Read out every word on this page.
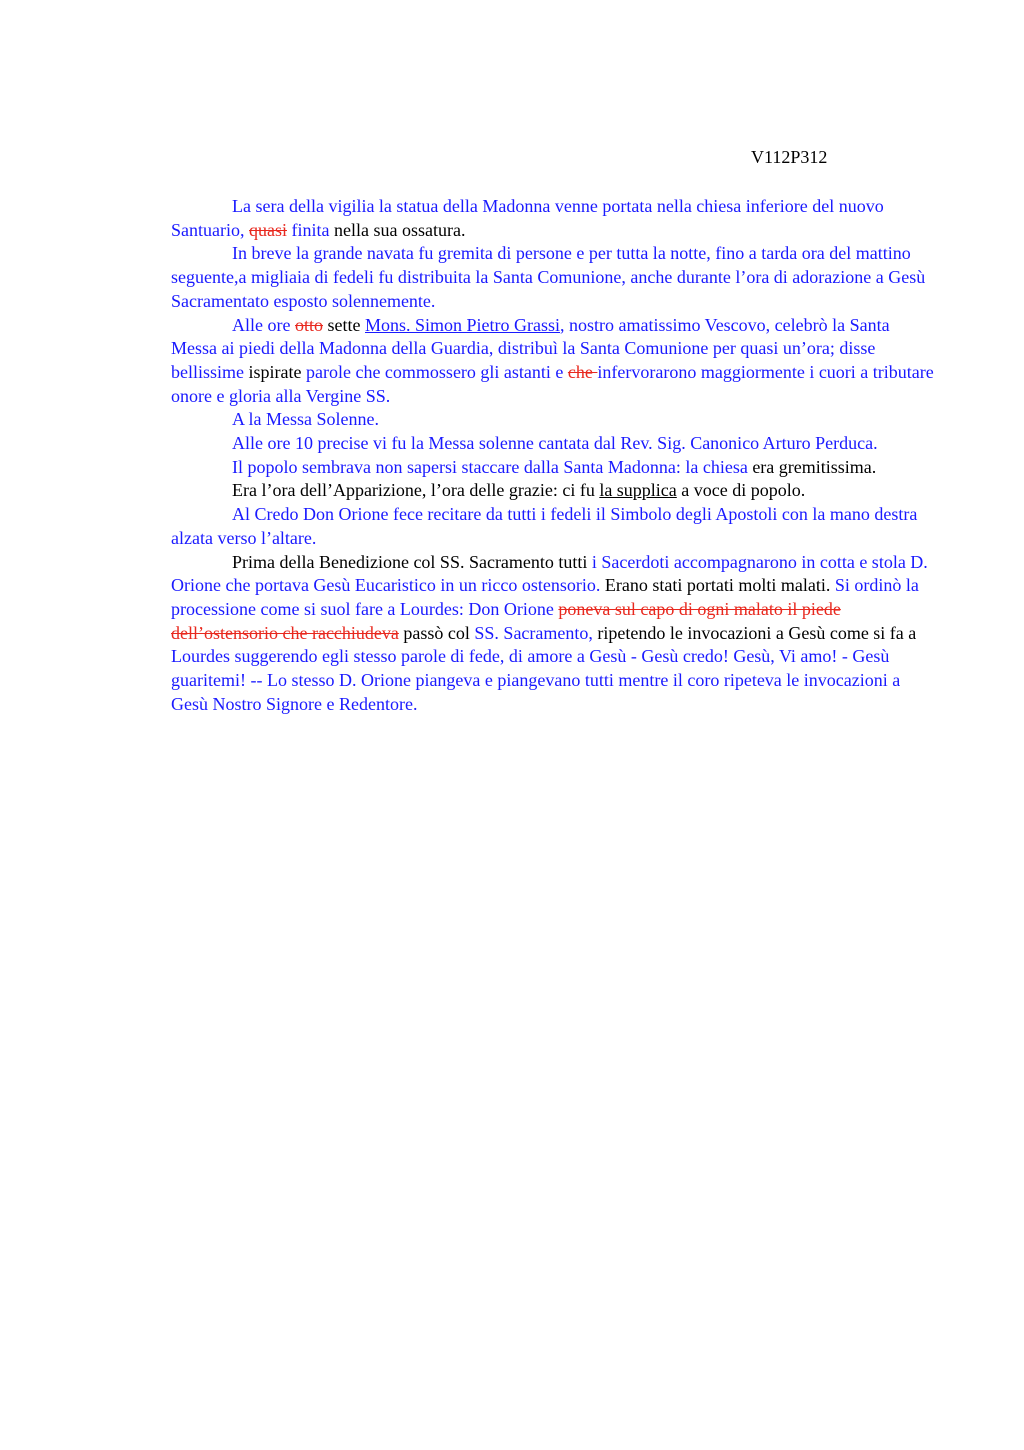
V112P312

La sera della vigilia la statua della Madonna venne portata nella chiesa inferiore del nuovo Santuario, quasi finita nella sua ossatura.

In breve la grande navata fu gremita di persone e per tutta la notte, fino a tarda ora del mattino seguente,a migliaia di fedeli fu distribuita la Santa Comunione, anche durante l’ora di adorazione a Gesù Sacramentato esposto solennemente.

Alle ore otto sette Mons. Simon Pietro Grassi, nostro amatissimo Vescovo, celebrò la Santa Messa ai piedi della Madonna della Guardia, distribuì la Santa Comunione per quasi un’ora; disse bellissime ispirate parole che commossero gli astanti e che infervorarono maggiormente i cuori a tributare onore e gloria alla Vergine SS.

A la Messa Solenne.

Alle ore 10 precise vi fu la Messa solenne cantata dal Rev. Sig. Canonico Arturo Perduca.

Il popolo sembrava non sapersi staccare dalla Santa Madonna: la chiesa era gremitissima.

Era l’ora dell’Apparizione, l’ora delle grazie: ci fu la supplica a voce di popolo.

Al Credo Don Orione fece recitare da tutti i fedeli il Simbolo degli Apostoli con la mano destra alzata verso l’altare.

Prima della Benedizione col SS. Sacramento tutti i Sacerdoti accompagnarono in cotta e stola D. Orione che portava Gesù Eucaristico in un ricco ostensorio. Erano stati portati molti malati. Si ordinò la processione come si suol fare a Lourdes: Don Orione poneva sul capo di ogni malato il piede dell’ostensorio che racchiudeva passò col SS. Sacramento, ripetendo le invocazioni a Gesù come si fa a Lourdes suggerendo egli stesso parole di fede, di amore a Gesù - Gesù credo! Gesù, Vi amo! - Gesù guaritemi! -- Lo stesso D. Orione piangeva e piangevano tutti mentre il coro ripeteva le invocazioni a Gesù Nostro Signore e Redentore.
